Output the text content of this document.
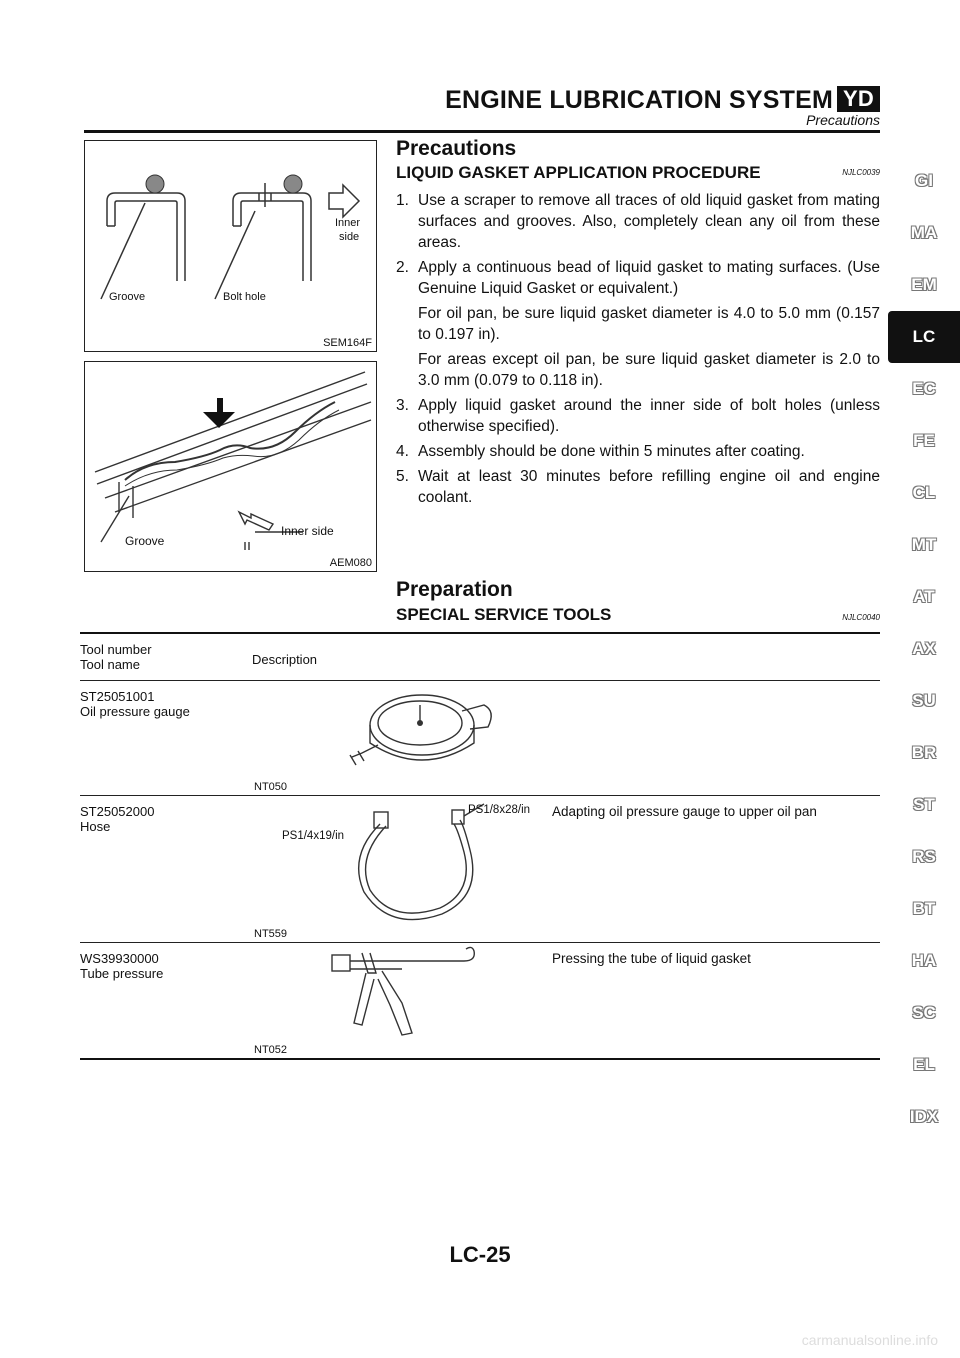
ENGINE LUBRICATION SYSTEM YD
Precautions
Groove	Bolt hole
Inner
side
SEM164F
Groove
Inner side
AEM080
Precautions
LIQUID GASKET APPLICATION PROCEDURE	NJLC0039
1. Use a scraper to remove all traces of old liquid gasket from mating surfaces and grooves. Also, completely clean any oil from these areas.
2. Apply a continuous bead of liquid gasket to mating surfaces. (Use Genuine Liquid Gasket or equivalent.)
For oil pan, be sure liquid gasket diameter is 4.0 to 5.0 mm (0.157 to 0.197 in).
For areas except oil pan, be sure liquid gasket diameter is 2.0 to 3.0 mm (0.079 to 0.118 in).
3. Apply liquid gasket around the inner side of bolt holes (unless otherwise specified).
4. Assembly should be done within 5 minutes after coating.
5. Wait at least 30 minutes before refilling engine oil and engine coolant.
Preparation
SPECIAL SERVICE TOOLS	NJLC0040
Tool number
Tool name	Description
ST25051001
Oil pressure gauge
NT050
ST25052000
Hose
PS1/4x19/in
PS1/8x28/in
NT559
Adapting oil pressure gauge to upper oil pan
WS39930000
Tube pressure
NT052
Pressing the tube of liquid gasket
GI
MA
EM
LC
EC
FE
CL
MT
AT
AX
SU
BR
ST
RS
BT
HA
SC
EL
IDX
LC-25
carmanualsonline.info
